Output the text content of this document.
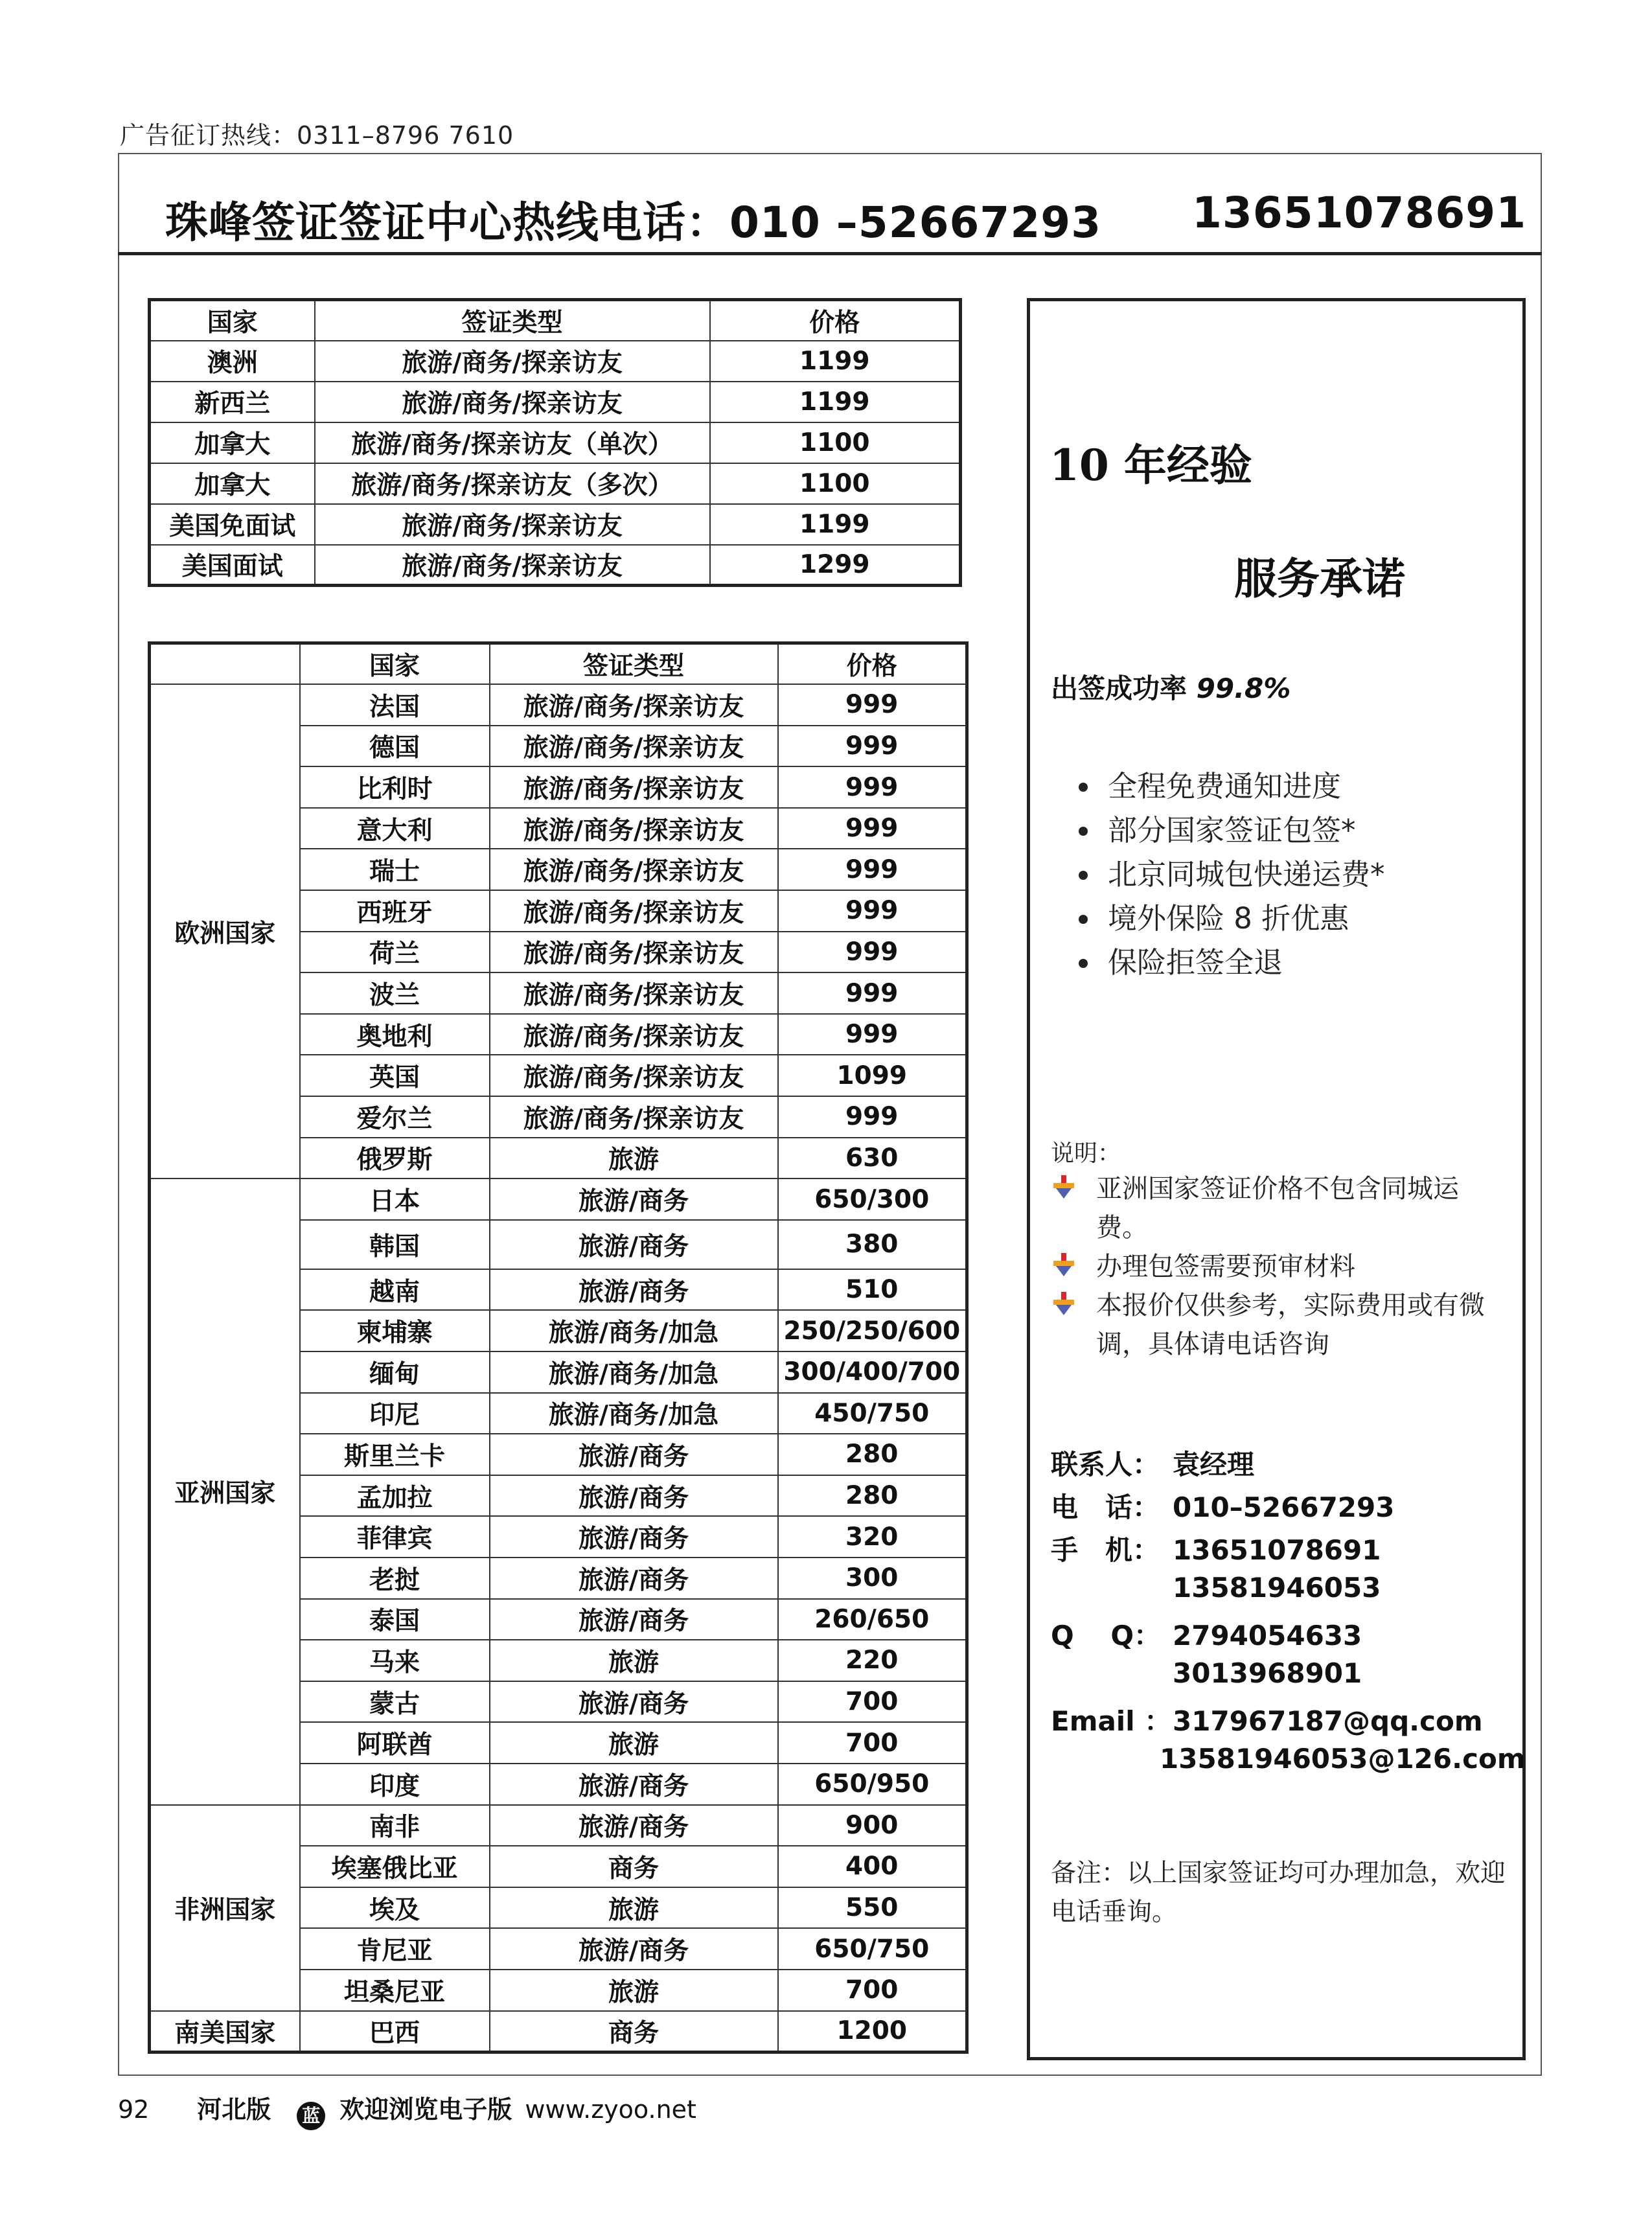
广告征订热线：0311–8796 7610
珠峰签证签证中心热线电话：010 –52667293 13651078691
国家	签证类型	价格
澳洲	旅游/商务/探亲访友	1199
新西兰	旅游/商务/探亲访友	1199
加拿大	旅游/商务/探亲访友（单次）	1100
加拿大	旅游/商务/探亲访友（多次）	1100
美国免面试	旅游/商务/探亲访友	1199
美国面试	旅游/商务/探亲访友	1299
	国家	签证类型	价格
欧洲国家	法国	旅游/商务/探亲访友	999
	德国	旅游/商务/探亲访友	999
	比利时	旅游/商务/探亲访友	999
	意大利	旅游/商务/探亲访友	999
	瑞士	旅游/商务/探亲访友	999
	西班牙	旅游/商务/探亲访友	999
	荷兰	旅游/商务/探亲访友	999
	波兰	旅游/商务/探亲访友	999
	奥地利	旅游/商务/探亲访友	999
	英国	旅游/商务/探亲访友	1099
	爱尔兰	旅游/商务/探亲访友	999
	俄罗斯	旅游	630
亚洲国家	日本	旅游/商务	650/300
	韩国	旅游/商务	380
	越南	旅游/商务	510
	柬埔寨	旅游/商务/加急	250/250/600
	缅甸	旅游/商务/加急	300/400/700
	印尼	旅游/商务/加急	450/750
	斯里兰卡	旅游/商务	280
	孟加拉	旅游/商务	280
	菲律宾	旅游/商务	320
	老挝	旅游/商务	300
	泰国	旅游/商务	260/650
	马来	旅游	220
	蒙古	旅游/商务	700
	阿联酋	旅游	700
	印度	旅游/商务	650/950
非洲国家	南非	旅游/商务	900
	埃塞俄比亚	商务	400
	埃及	旅游	550
	肯尼亚	旅游/商务	650/750
	坦桑尼亚	旅游	700
南美国家	巴西	商务	1200
10 年经验
服务承诺
出签成功率 99.8%
• 全程免费通知进度
• 部分国家签证包签*
• 北京同城包快递运费*
• 境外保险 8 折优惠
• 保险拒签全退
说明：
亚洲国家签证价格不包含同城运费。
办理包签需要预审材料
本报价仅供参考，实际费用或有微调，具体请电话咨询
联系人： 袁经理
电　话： 010–52667293
手　机： 13651078691
13581946053
Q　 Q： 2794054633
3013968901
Email ：317967187@qq.com
13581946053@126.com
备注：以上国家签证均可办理加急，欢迎电话垂询。
92 河北版 蓝 欢迎浏览电子版 www.zyoo.net
